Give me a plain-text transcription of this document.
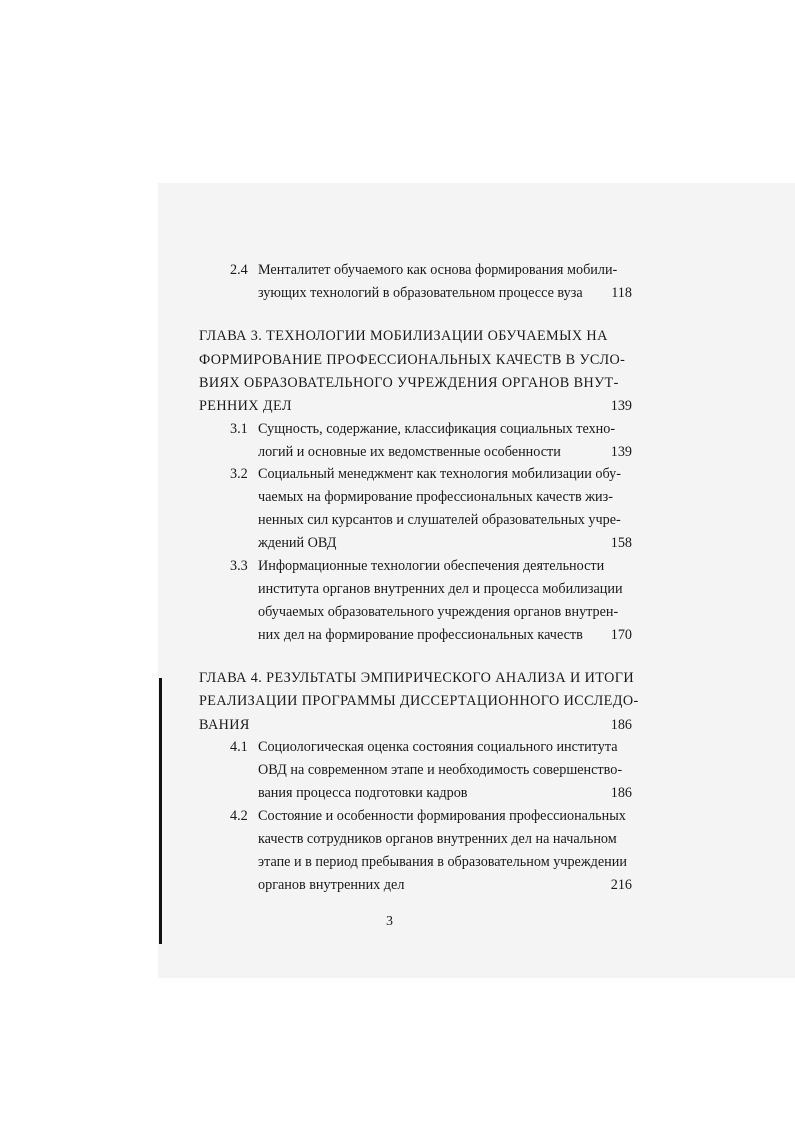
2.4 Менталитет обучаемого как основа формирования мобили-
зующих технологий в образовательном процессе вуза	118
ГЛАВА 3. ТЕХНОЛОГИИ МОБИЛИЗАЦИИ ОБУЧАЕМЫХ НА
ФОРМИРОВАНИЕ ПРОФЕССИОНАЛЬНЫХ КАЧЕСТВ В УСЛО-
ВИЯХ ОБРАЗОВАТЕЛЬНОГО УЧРЕЖДЕНИЯ ОРГАНОВ ВНУТ-
РЕННИХ ДЕЛ	139
3.1 Сущность, содержание, классификация социальных техно-
логий и основные их ведомственные особенности	139
3.2 Социальный менеджмент как технология мобилизации обу-
чаемых на формирование профессиональных качеств жиз-
ненных сил курсантов и слушателей образовательных учре-
ждений ОВД	158
3.3 Информационные технологии обеспечения деятельности
института органов внутренних дел и процесса мобилизации
обучаемых образовательного учреждения органов внутрен-
них дел на формирование профессиональных качеств	170
ГЛАВА 4. РЕЗУЛЬТАТЫ ЭМПИРИЧЕСКОГО АНАЛИЗА И ИТОГИ
РЕАЛИЗАЦИИ ПРОГРАММЫ ДИССЕРТАЦИОННОГО ИССЛЕДО-
ВАНИЯ	186
4.1 Социологическая оценка состояния социального института
ОВД на современном этапе и необходимость совершенство-
вания процесса подготовки кадров	186
4.2 Состояние и особенности формирования профессиональных
качеств сотрудников органов внутренних дел на начальном
этапе и в период пребывания в образовательном учреждении
органов внутренних дел	216
3
